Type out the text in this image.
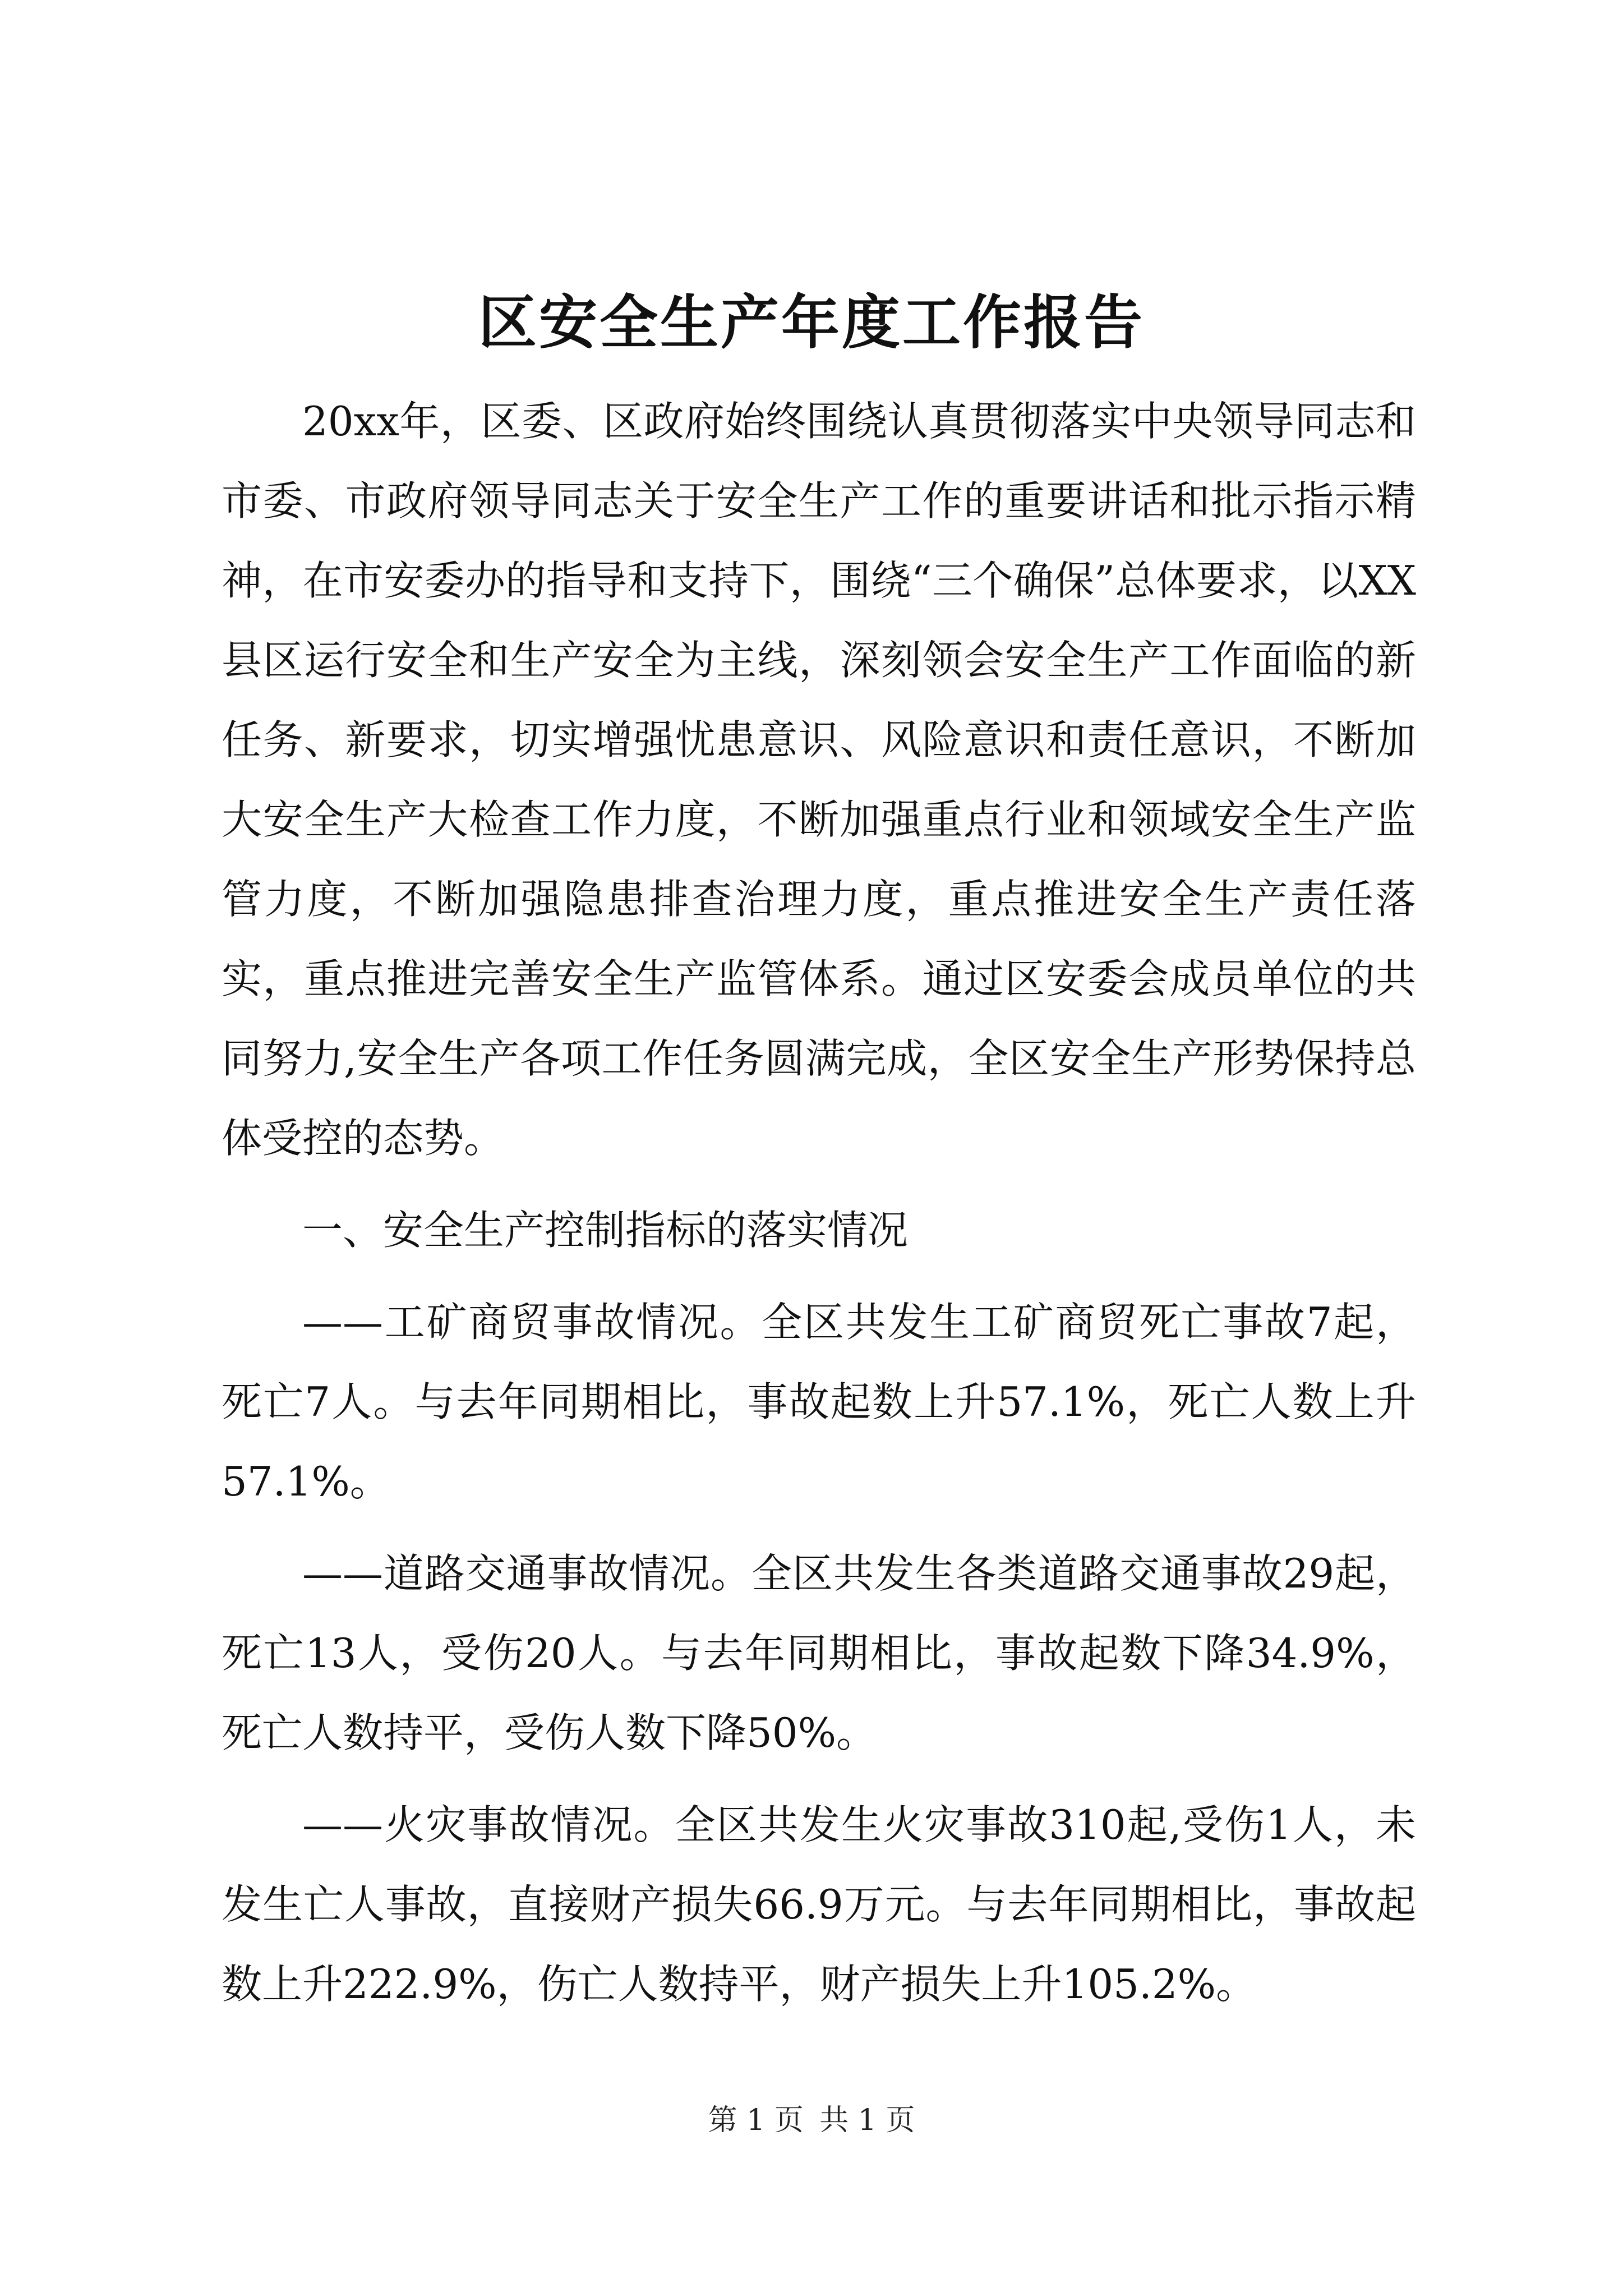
区安全生产年度工作报告

20xx年，区委、区政府始终围绕认真贯彻落实中央领导同志和市委、市政府领导同志关于安全生产工作的重要讲话和批示指示精神，在市安委办的指导和支持下，围绕“三个确保”总体要求，以XX县区运行安全和生产安全为主线，深刻领会安全生产工作面临的新任务、新要求，切实增强忧患意识、风险意识和责任意识，不断加大安全生产大检查工作力度，不断加强重点行业和领域安全生产监管力度，不断加强隐患排查治理力度，重点推进安全生产责任落实，重点推进完善安全生产监管体系。通过区安委会成员单位的共同努力,安全生产各项工作任务圆满完成，全区安全生产形势保持总体受控的态势。

一、安全生产控制指标的落实情况

——工矿商贸事故情况。全区共发生工矿商贸死亡事故7起，死亡7人。与去年同期相比，事故起数上升57.1%，死亡人数上升57.1%。

——道路交通事故情况。全区共发生各类道路交通事故29起，死亡13人，受伤20人。与去年同期相比，事故起数下降34.9%，死亡人数持平，受伤人数下降50%。

——火灾事故情况。全区共发生火灾事故310起,受伤1人，未发生亡人事故，直接财产损失66.9万元。与去年同期相比，事故起数上升222.9%，伤亡人数持平，财产损失上升105.2%。

第 1 页 共 1 页
